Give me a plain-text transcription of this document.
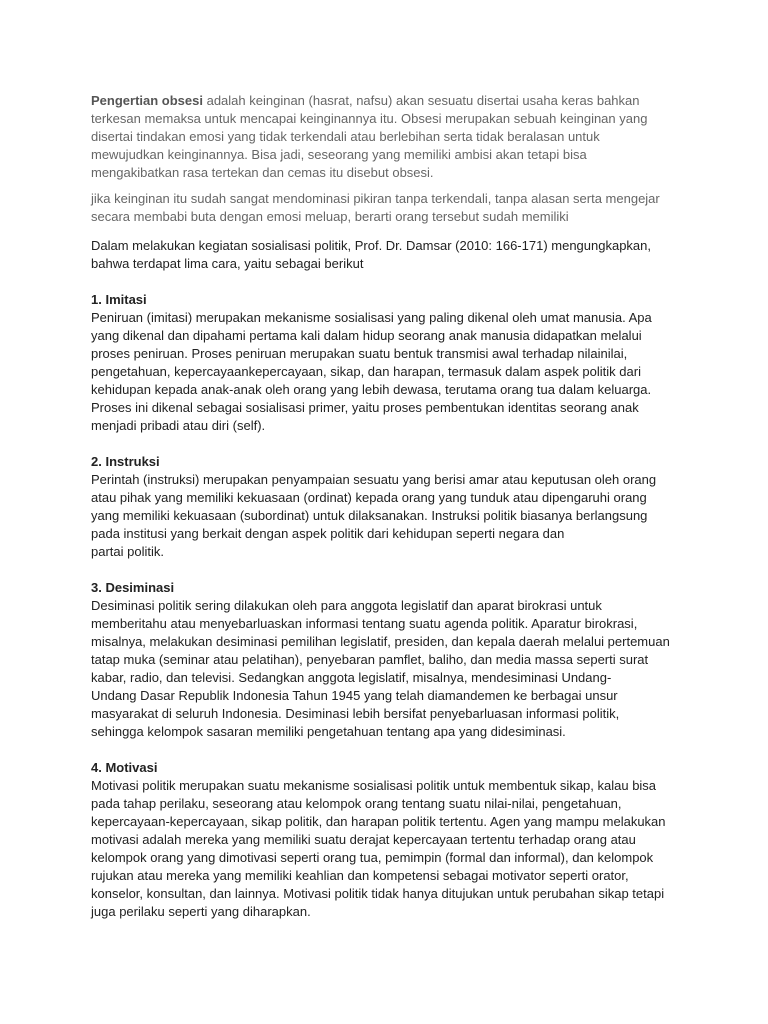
Pengertian obsesi adalah keinginan (hasrat, nafsu) akan sesuatu disertai usaha keras bahkan
terkesan memaksa untuk mencapai keinginannya itu. Obsesi merupakan sebuah keinginan yang
disertai tindakan emosi yang tidak terkendali atau berlebihan serta tidak beralasan untuk
mewujudkan keinginannya. Bisa jadi, seseorang yang memiliki ambisi akan tetapi bisa
mengakibatkan rasa tertekan dan cemas itu disebut obsesi.

jika keinginan itu sudah sangat mendominasi pikiran tanpa terkendali, tanpa alasan serta mengejar
secara membabi buta dengan emosi meluap, berarti orang tersebut sudah memiliki

Dalam melakukan kegiatan sosialisasi politik, Prof. Dr. Damsar (2010: 166-171) mengungkapkan,
bahwa terdapat lima cara, yaitu sebagai berikut

1. Imitasi
Peniruan (imitasi) merupakan mekanisme sosialisasi yang paling dikenal oleh umat manusia. Apa
yang dikenal dan dipahami pertama kali dalam hidup seorang anak manusia didapatkan melalui
proses peniruan. Proses peniruan merupakan suatu bentuk transmisi awal terhadap nilainilai,
pengetahuan, kepercayaankepercayaan, sikap, dan harapan, termasuk dalam aspek politik dari
kehidupan kepada anak-anak oleh orang yang lebih dewasa, terutama orang tua dalam keluarga.
Proses ini dikenal sebagai sosialisasi primer, yaitu proses pembentukan identitas seorang anak
menjadi pribadi atau diri (self).
2. Instruksi
Perintah (instruksi) merupakan penyampaian sesuatu yang berisi amar atau keputusan oleh orang
atau pihak yang memiliki kekuasaan (ordinat) kepada orang yang tunduk atau dipengaruhi orang
yang memiliki kekuasaan (subordinat) untuk dilaksanakan. Instruksi politik biasanya berlangsung
pada institusi yang berkait dengan aspek politik dari kehidupan seperti negara dan
partai politik.
3. Desiminasi
Desiminasi politik sering dilakukan oleh para anggota legislatif dan aparat birokrasi untuk
memberitahu atau menyebarluaskan informasi tentang suatu agenda politik. Aparatur birokrasi,
misalnya, melakukan desiminasi pemilihan legislatif, presiden, dan kepala daerah melalui pertemuan
tatap muka (seminar atau pelatihan), penyebaran pamflet, baliho, dan media massa seperti surat
kabar, radio, dan televisi. Sedangkan anggota legislatif, misalnya, mendesiminasi Undang-
Undang Dasar Republik Indonesia Tahun 1945 yang telah diamandemen ke berbagai unsur
masyarakat di seluruh Indonesia. Desiminasi lebih bersifat penyebarluasan informasi politik,
sehingga kelompok sasaran memiliki pengetahuan tentang apa yang didesiminasi.
4. Motivasi
Motivasi politik merupakan suatu mekanisme sosialisasi politik untuk membentuk sikap, kalau bisa
pada tahap perilaku, seseorang atau kelompok orang tentang suatu nilai-nilai, pengetahuan,
kepercayaan-kepercayaan, sikap politik, dan harapan politik tertentu. Agen yang mampu melakukan
motivasi adalah mereka yang memiliki suatu derajat kepercayaan tertentu terhadap orang atau
kelompok orang yang dimotivasi seperti orang tua, pemimpin (formal dan informal), dan kelompok
rujukan atau mereka yang memiliki keahlian dan kompetensi sebagai motivator seperti orator,
konselor, konsultan, dan lainnya. Motivasi politik tidak hanya ditujukan untuk perubahan sikap tetapi
juga perilaku seperti yang diharapkan.
